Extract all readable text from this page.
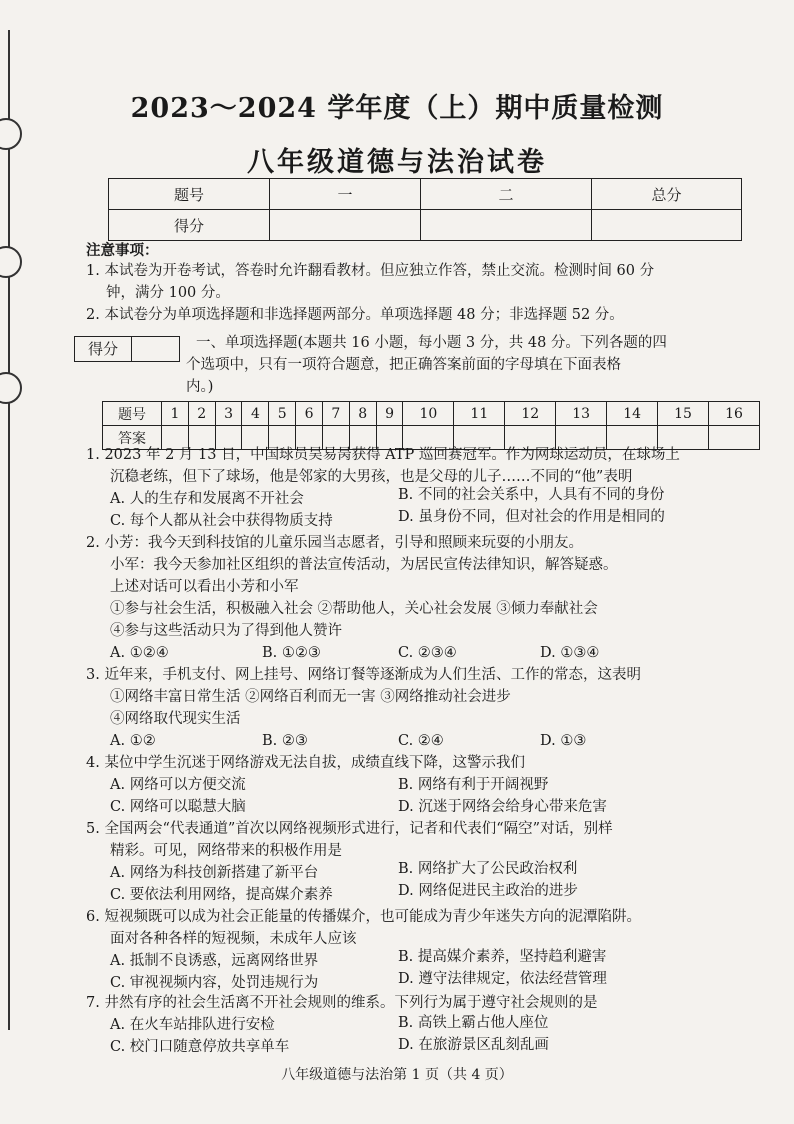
2023～2024 学年度（上）期中质量检测
八年级道德与法治试卷
题号	一	二	总分
得分			
注意事项：
1. 本试卷为开卷考试，答卷时允许翻看教材。但应独立作答，禁止交流。检测时间 60 分
钟，满分 100 分。
2. 本试卷分为单项选择题和非选择题两部分。单项选择题 48 分；非选择题 52 分。
得分	一、单项选择题(本题共 16 小题，每小题 3 分，共 48 分。下列各题的四
个选项中，只有一项符合题意，把正确答案前面的字母填在下面表格
内。)
题号	1	2	3	4	5	6	7	8	9	10	11	12	13	14	15	16
答案																
1. 2023 年 2 月 13 日，中国球员吴易昺获得 ATP 巡回赛冠军。作为网球运动员，在球场上
沉稳老练，但下了球场，他是邻家的大男孩，也是父母的儿子……不同的“他”表明
A. 人的生存和发展离不开社会	B. 不同的社会关系中，人具有不同的身份
C. 每个人都从社会中获得物质支持	D. 虽身份不同，但对社会的作用是相同的
2. 小芳：我今天到科技馆的儿童乐园当志愿者，引导和照顾来玩耍的小朋友。
小军：我今天参加社区组织的普法宣传活动，为居民宣传法律知识，解答疑惑。
上述对话可以看出小芳和小军
①参与社会生活，积极融入社会 ②帮助他人，关心社会发展 ③倾力奉献社会
④参与这些活动只为了得到他人赞许
A. ①②④	B. ①②③	C. ②③④	D. ①③④
3. 近年来，手机支付、网上挂号、网络订餐等逐渐成为人们生活、工作的常态，这表明
①网络丰富日常生活 ②网络百利而无一害 ③网络推动社会进步
④网络取代现实生活
A. ①②	B. ②③	C. ②④	D. ①③
4. 某位中学生沉迷于网络游戏无法自拔，成绩直线下降，这警示我们
A. 网络可以方便交流	B. 网络有利于开阔视野
C. 网络可以聪慧大脑	D. 沉迷于网络会给身心带来危害
5. 全国两会“代表通道”首次以网络视频形式进行，记者和代表们“隔空”对话，别样
精彩。可见，网络带来的积极作用是
A. 网络为科技创新搭建了新平台	B. 网络扩大了公民政治权利
C. 要依法利用网络，提高媒介素养	D. 网络促进民主政治的进步
6. 短视频既可以成为社会正能量的传播媒介，也可能成为青少年迷失方向的泥潭陷阱。
面对各种各样的短视频，未成年人应该
A. 抵制不良诱惑，远离网络世界	B. 提高媒介素养，坚持趋利避害
C. 审视视频内容，处罚违规行为	D. 遵守法律规定，依法经营管理
7. 井然有序的社会生活离不开社会规则的维系。下列行为属于遵守社会规则的是
A. 在火车站排队进行安检	B. 高铁上霸占他人座位
C. 校门口随意停放共享单车	D. 在旅游景区乱刻乱画
八年级道德与法治第 1 页（共 4 页）
